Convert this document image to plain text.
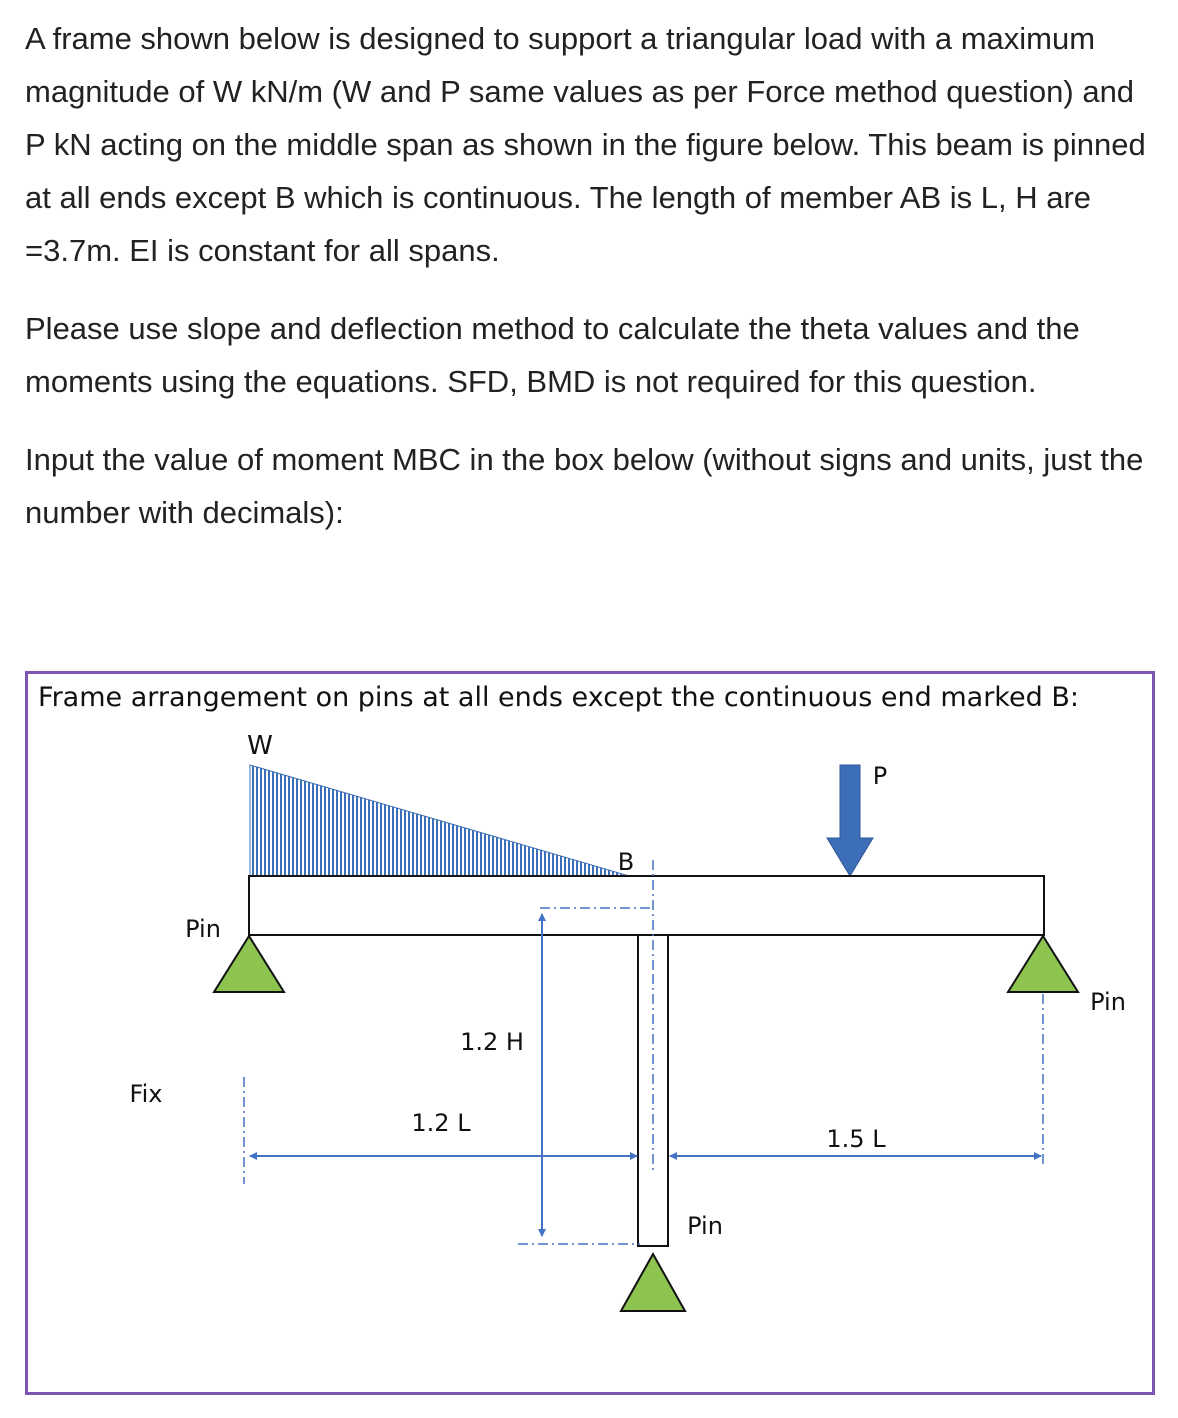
A frame shown below is designed to support a triangular load with a maximum magnitude of W kN/m (W and P same values as per Force method question) and P kN acting on the middle span as shown in the figure below. This beam is pinned at all ends except B which is continuous. The length of member AB is L, H are =3.7m. EI is constant for all spans.

Please use slope and deflection method to calculate the theta values and the moments using the equations. SFD, BMD is not required for this question.

Input the value of moment MBC in the box below (without signs and units, just the number with decimals):

Frame arrangement on pins at all ends except the continuous end marked B:
W
P
B
Pin
Pin
Pin
Fix
1.2 H
1.2 L
1.5 L
